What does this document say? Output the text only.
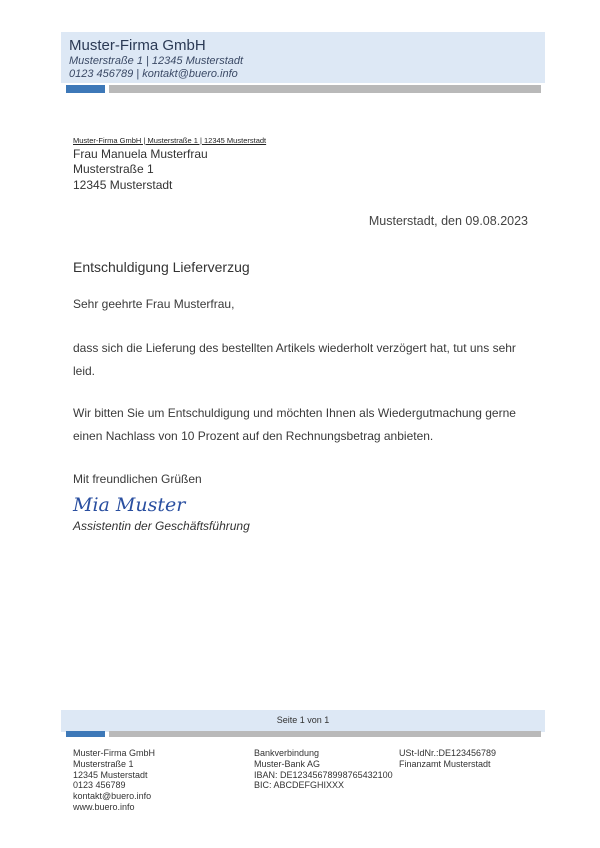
Muster-Firma GmbH
Musterstraße 1 | 12345 Musterstadt
0123 456789 | kontakt@buero.info
Muster-Firma GmbH | Musterstraße 1 | 12345 Musterstadt
Frau Manuela Musterfrau
Musterstraße 1
12345 Musterstadt
Musterstadt, den 09.08.2023
Entschuldigung Lieferverzug
Sehr geehrte Frau Musterfrau,
dass sich die Lieferung des bestellten Artikels wiederholt verzögert hat, tut uns sehr leid.
Wir bitten Sie um Entschuldigung und möchten Ihnen als Wiedergutmachung gerne einen Nachlass von 10 Prozent auf den Rechnungsbetrag anbieten.
Mit freundlichen Grüßen
Mia Muster
Assistentin der Geschäftsführung
Seite 1 von 1
Muster-Firma GmbH
Musterstraße 1
12345 Musterstadt
0123 456789
kontakt@buero.info
www.buero.info
Bankverbindung
Muster-Bank AG
IBAN: DE12345678998765432100
BIC: ABCDEFGHIXXX
USt-IdNr.:DE123456789
Finanzamt Musterstadt
